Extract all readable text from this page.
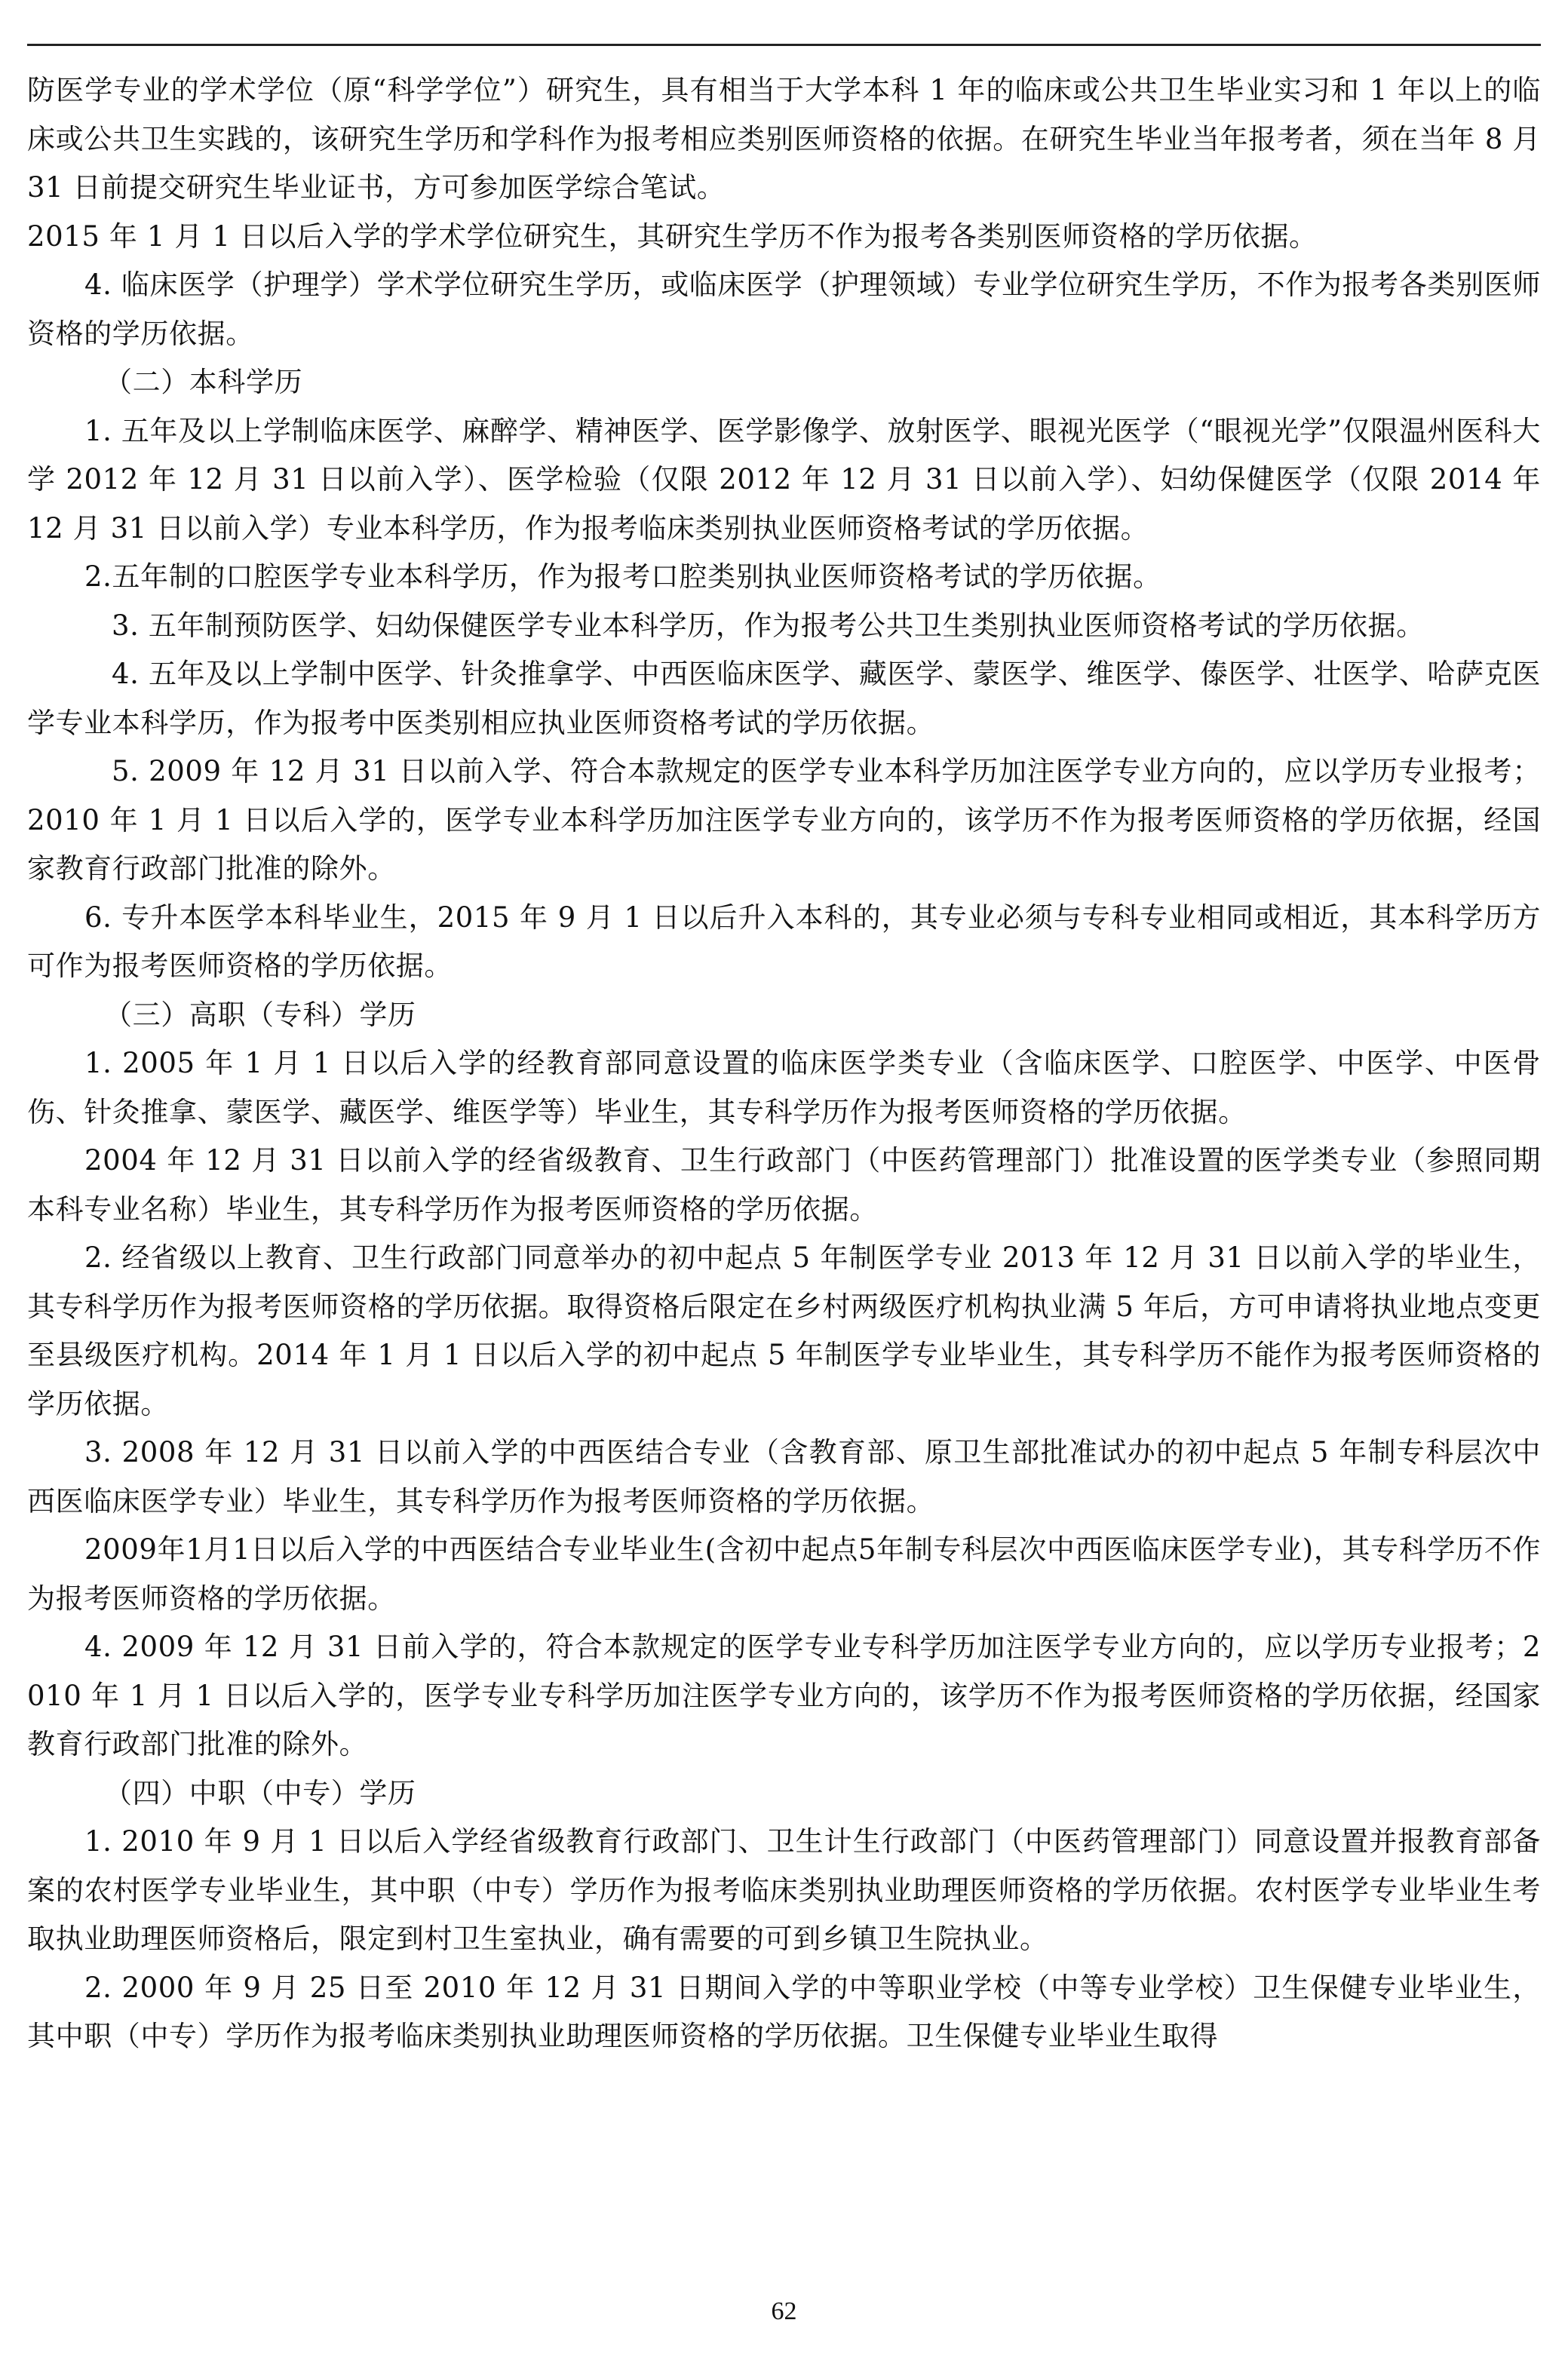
防医学专业的学术学位（原“科学学位”）研究生，具有相当于大学本科 1 年的临床或公共卫生毕业实习和 1 年以上的临床或公共卫生实践的，该研究生学历和学科作为报考相应类别医师资格的依据。在研究生毕业当年报考者，须在当年 8 月 31 日前提交研究生毕业证书，方可参加医学综合笔试。

2015 年 1 月 1 日以后入学的学术学位研究生，其研究生学历不作为报考各类别医师资格的学历依据。

4. 临床医学（护理学）学术学位研究生学历，或临床医学（护理领域）专业学位研究生学历，不作为报考各类别医师资格的学历依据。

（二）本科学历

1. 五年及以上学制临床医学、麻醉学、精神医学、医学影像学、放射医学、眼视光医学（“眼视光学”仅限温州医科大学 2012 年 12 月 31 日以前入学）、医学检验（仅限 2012 年 12 月 31 日以前入学）、妇幼保健医学（仅限 2014 年 12 月 31 日以前入学）专业本科学历，作为报考临床类别执业医师资格考试的学历依据。

2.五年制的口腔医学专业本科学历，作为报考口腔类别执业医师资格考试的学历依据。

3. 五年制预防医学、妇幼保健医学专业本科学历，作为报考公共卫生类别执业医师资格考试的学历依据。

4. 五年及以上学制中医学、针灸推拿学、中西医临床医学、藏医学、蒙医学、维医学、傣医学、壮医学、哈萨克医学专业本科学历，作为报考中医类别相应执业医师资格考试的学历依据。

5. 2009 年 12 月 31 日以前入学、符合本款规定的医学专业本科学历加注医学专业方向的，应以学历专业报考；2010 年 1 月 1 日以后入学的，医学专业本科学历加注医学专业方向的，该学历不作为报考医师资格的学历依据，经国家教育行政部门批准的除外。

6. 专升本医学本科毕业生，2015 年 9 月 1 日以后升入本科的，其专业必须与专科专业相同或相近，其本科学历方可作为报考医师资格的学历依据。

（三）高职（专科）学历

1. 2005 年 1 月 1 日以后入学的经教育部同意设置的临床医学类专业（含临床医学、口腔医学、中医学、中医骨伤、针灸推拿、蒙医学、藏医学、维医学等）毕业生，其专科学历作为报考医师资格的学历依据。

2004 年 12 月 31 日以前入学的经省级教育、卫生行政部门（中医药管理部门）批准设置的医学类专业（参照同期本科专业名称）毕业生，其专科学历作为报考医师资格的学历依据。

2. 经省级以上教育、卫生行政部门同意举办的初中起点 5 年制医学专业 2013 年 12 月 31 日以前入学的毕业生，其专科学历作为报考医师资格的学历依据。取得资格后限定在乡村两级医疗机构执业满 5 年后，方可申请将执业地点变更至县级医疗机构。2014 年 1 月 1 日以后入学的初中起点 5 年制医学专业毕业生，其专科学历不能作为报考医师资格的学历依据。

3. 2008 年 12 月 31 日以前入学的中西医结合专业（含教育部、原卫生部批准试办的初中起点 5 年制专科层次中西医临床医学专业）毕业生，其专科学历作为报考医师资格的学历依据。

2009年1月1日以后入学的中西医结合专业毕业生(含初中起点5年制专科层次中西医临床医学专业)，其专科学历不作为报考医师资格的学历依据。

4. 2009 年 12 月 31 日前入学的，符合本款规定的医学专业专科学历加注医学专业方向的，应以学历专业报考；2010 年 1 月 1 日以后入学的，医学专业专科学历加注医学专业方向的，该学历不作为报考医师资格的学历依据，经国家教育行政部门批准的除外。

（四）中职（中专）学历

1. 2010 年 9 月 1 日以后入学经省级教育行政部门、卫生计生行政部门（中医药管理部门）同意设置并报教育部备案的农村医学专业毕业生，其中职（中专）学历作为报考临床类别执业助理医师资格的学历依据。农村医学专业毕业生考取执业助理医师资格后，限定到村卫生室执业，确有需要的可到乡镇卫生院执业。

2. 2000 年 9 月 25 日至 2010 年 12 月 31 日期间入学的中等职业学校（中等专业学校）卫生保健专业毕业生，其中职（中专）学历作为报考临床类别执业助理医师资格的学历依据。卫生保健专业毕业生取得

62
